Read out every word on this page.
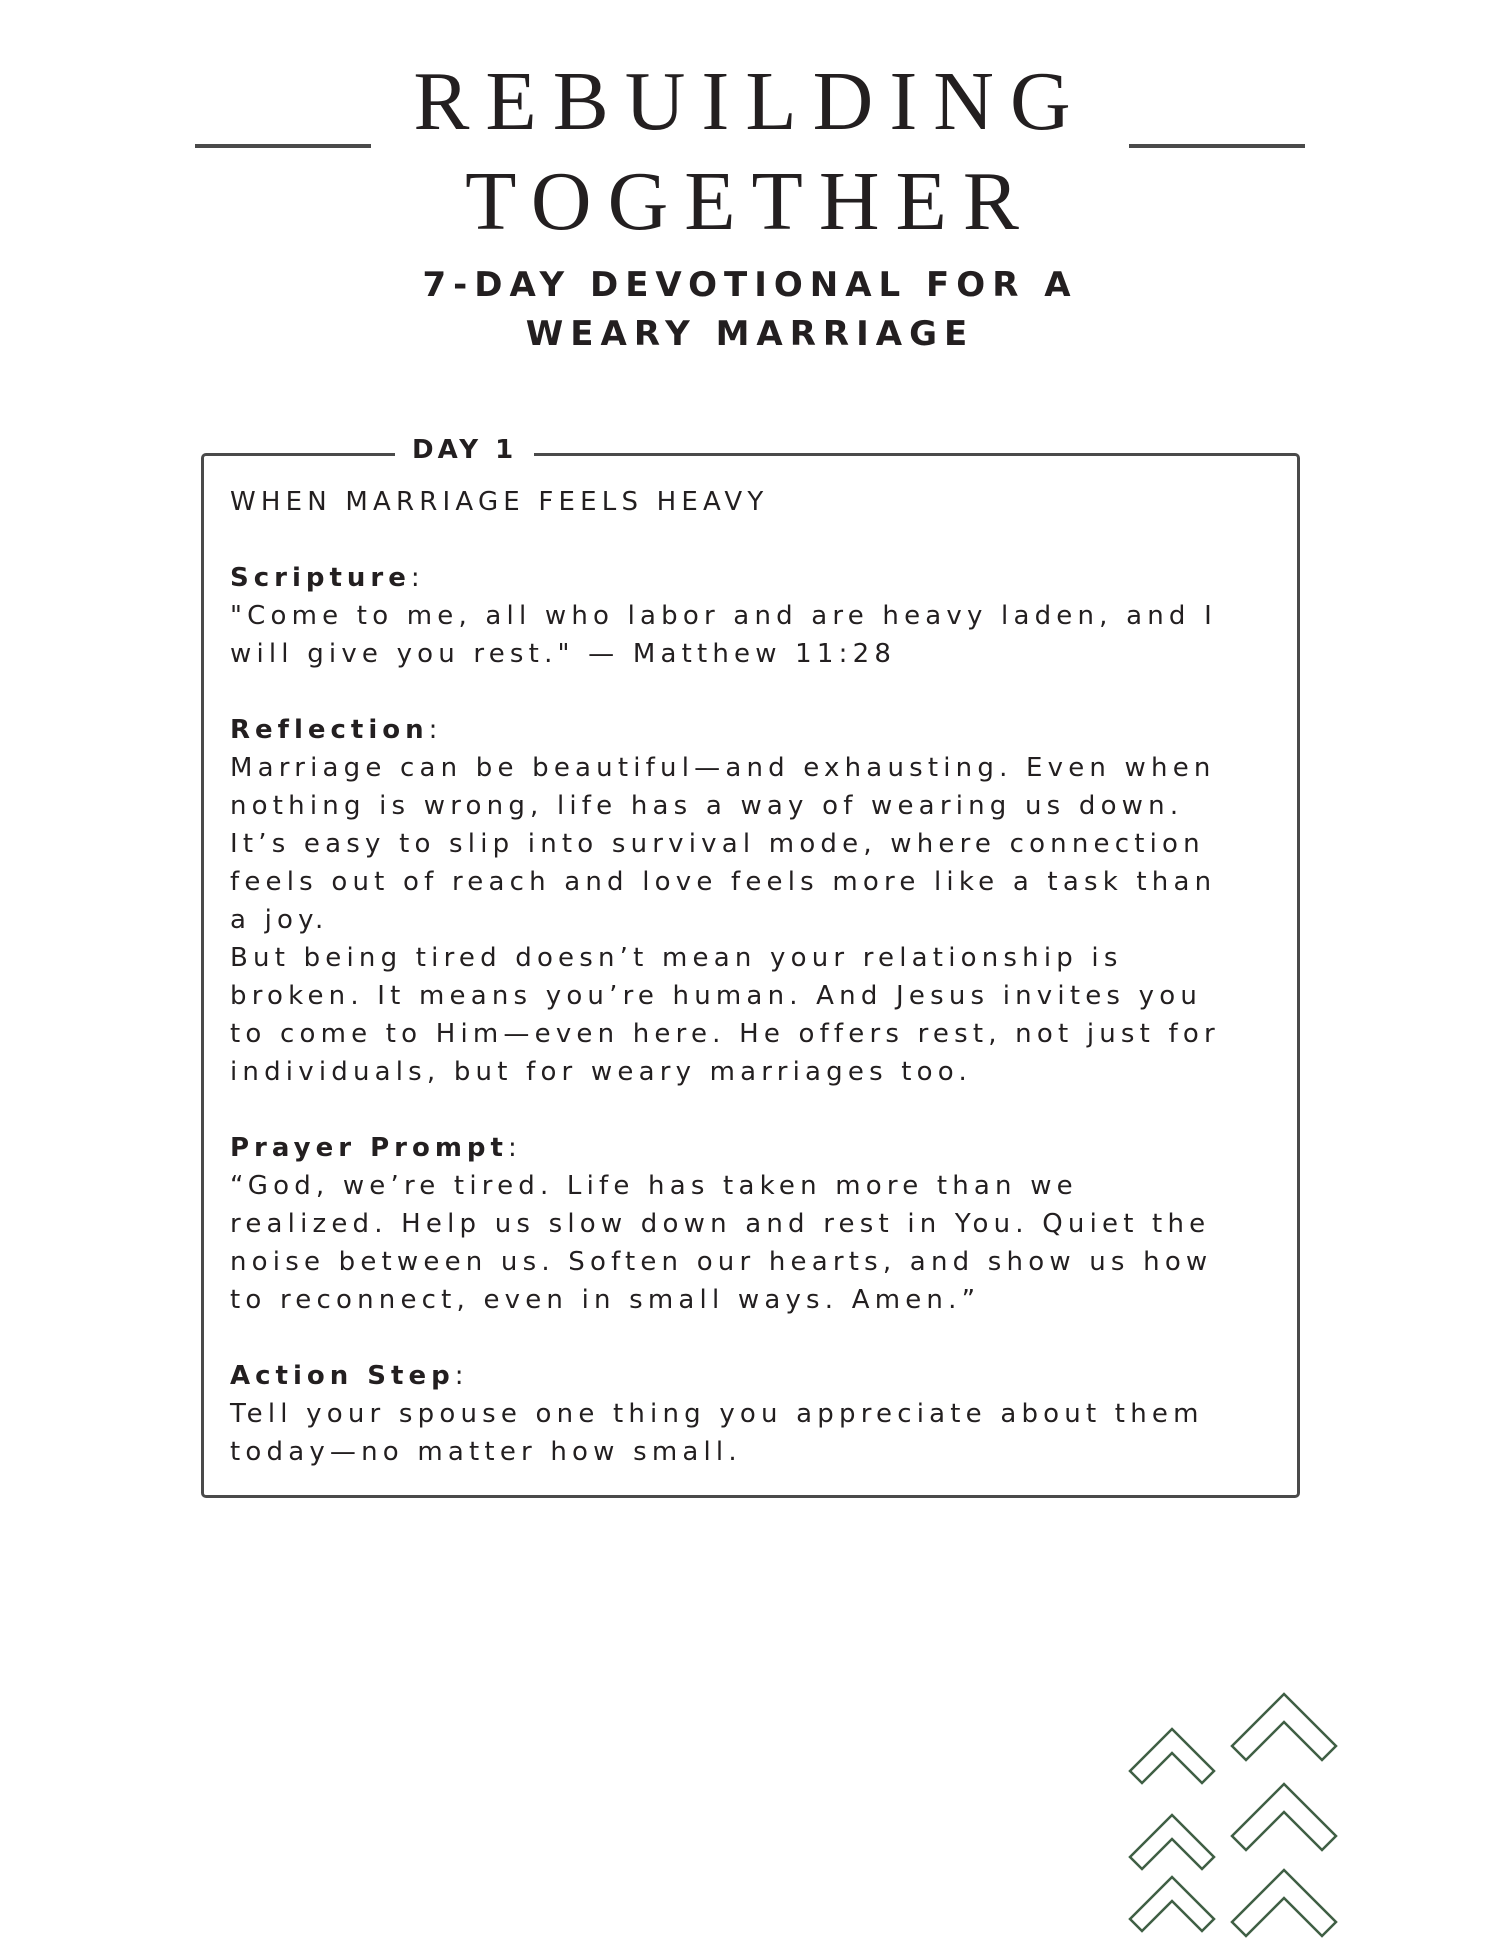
REBUILDING
TOGETHER
7-DAY DEVOTIONAL FOR A
WEARY MARRIAGE
DAY 1

WHEN MARRIAGE FEELS HEAVY

Scripture:

"Come to me, all who labor and are heavy laden, and I

will give you rest." — Matthew 11:28

Reflection:

Marriage can be beautiful—and exhausting. Even when

nothing is wrong, life has a way of wearing us down.

It’s easy to slip into survival mode, where connection

feels out of reach and love feels more like a task than

a joy.

But being tired doesn’t mean your relationship is

broken. It means you’re human. And Jesus invites you

to come to Him—even here. He offers rest, not just for

individuals, but for weary marriages too.

Prayer Prompt:

“God, we’re tired. Life has taken more than we

realized. Help us slow down and rest in You. Quiet the

noise between us. Soften our hearts, and show us how

to reconnect, even in small ways. Amen.”

Action Step:

Tell your spouse one thing you appreciate about them

today—no matter how small.
